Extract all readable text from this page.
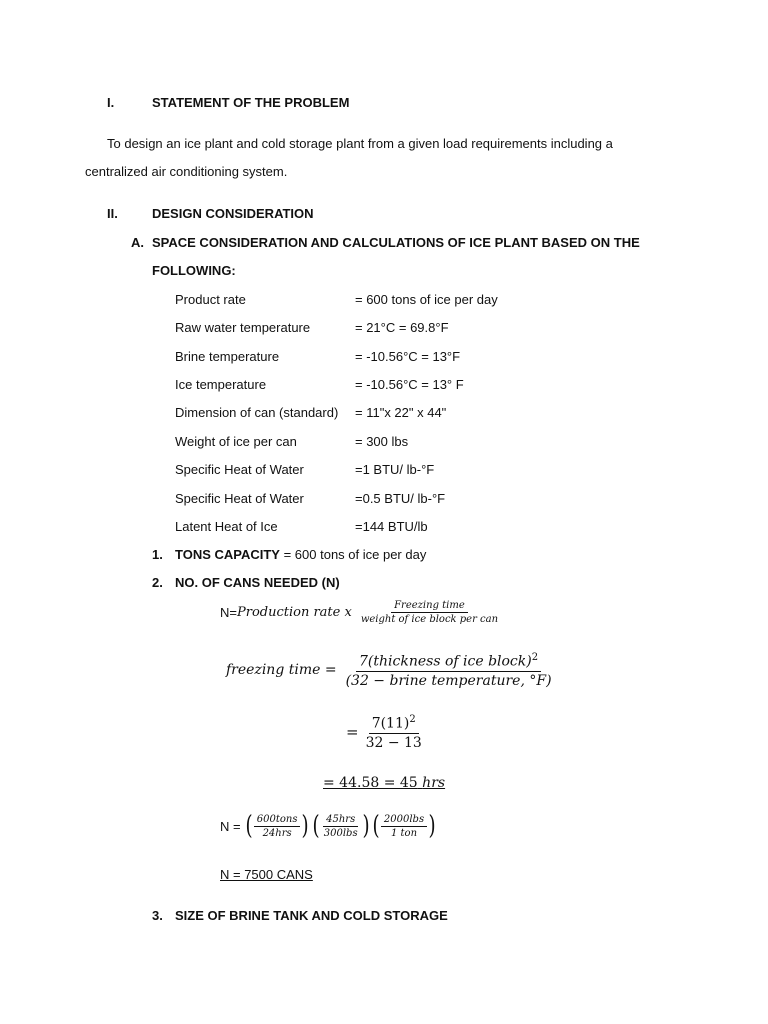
I.	STATEMENT OF THE PROBLEM
To design an ice plant and cold storage plant from a given load requirements including a
centralized air conditioning system.
II.	DESIGN CONSIDERATION
A. SPACE CONSIDERATION AND CALCULATIONS OF ICE PLANT BASED ON THE
FOLLOWING:
Product rate	= 600 tons of ice per day
Raw water temperature	= 21°C = 69.8°F
Brine temperature	= -10.56°C = 13°F
Ice temperature	= -10.56°C = 13° F
Dimension of can (standard) = 11"x 22" x 44"
Weight of ice per can	= 300 lbs
Specific Heat of Water	=1 BTU/ lb-°F
Specific Heat of Water	=0.5 BTU/ lb-°F
Latent Heat of Ice	=144 BTU/lb
1. TONS CAPACITY = 600 tons of ice per day
2. NO. OF CANS NEEDED (N)
N= Production rate x $\frac{\text{Freezing time}}{\text{weight of ice block per can}}$
freezing time = $\frac{7(thickness of ice block)^2}{\text{(32 − brine temperature, °F)}}$
= $\frac{7(11)^2}{32 - 13}$
= 44.58 = 45 hrs
N = ( $\frac{\text{600tons}}{\text{24hrs}}$ ) ( $\frac{\text{45hrs}}{\text{300lbs}}$ ) ( $\frac{\text{2000lbs}}{\text{1 ton}}$ )
N = 7500 CANS
3. SIZE OF BRINE TANK AND COLD STORAGE
